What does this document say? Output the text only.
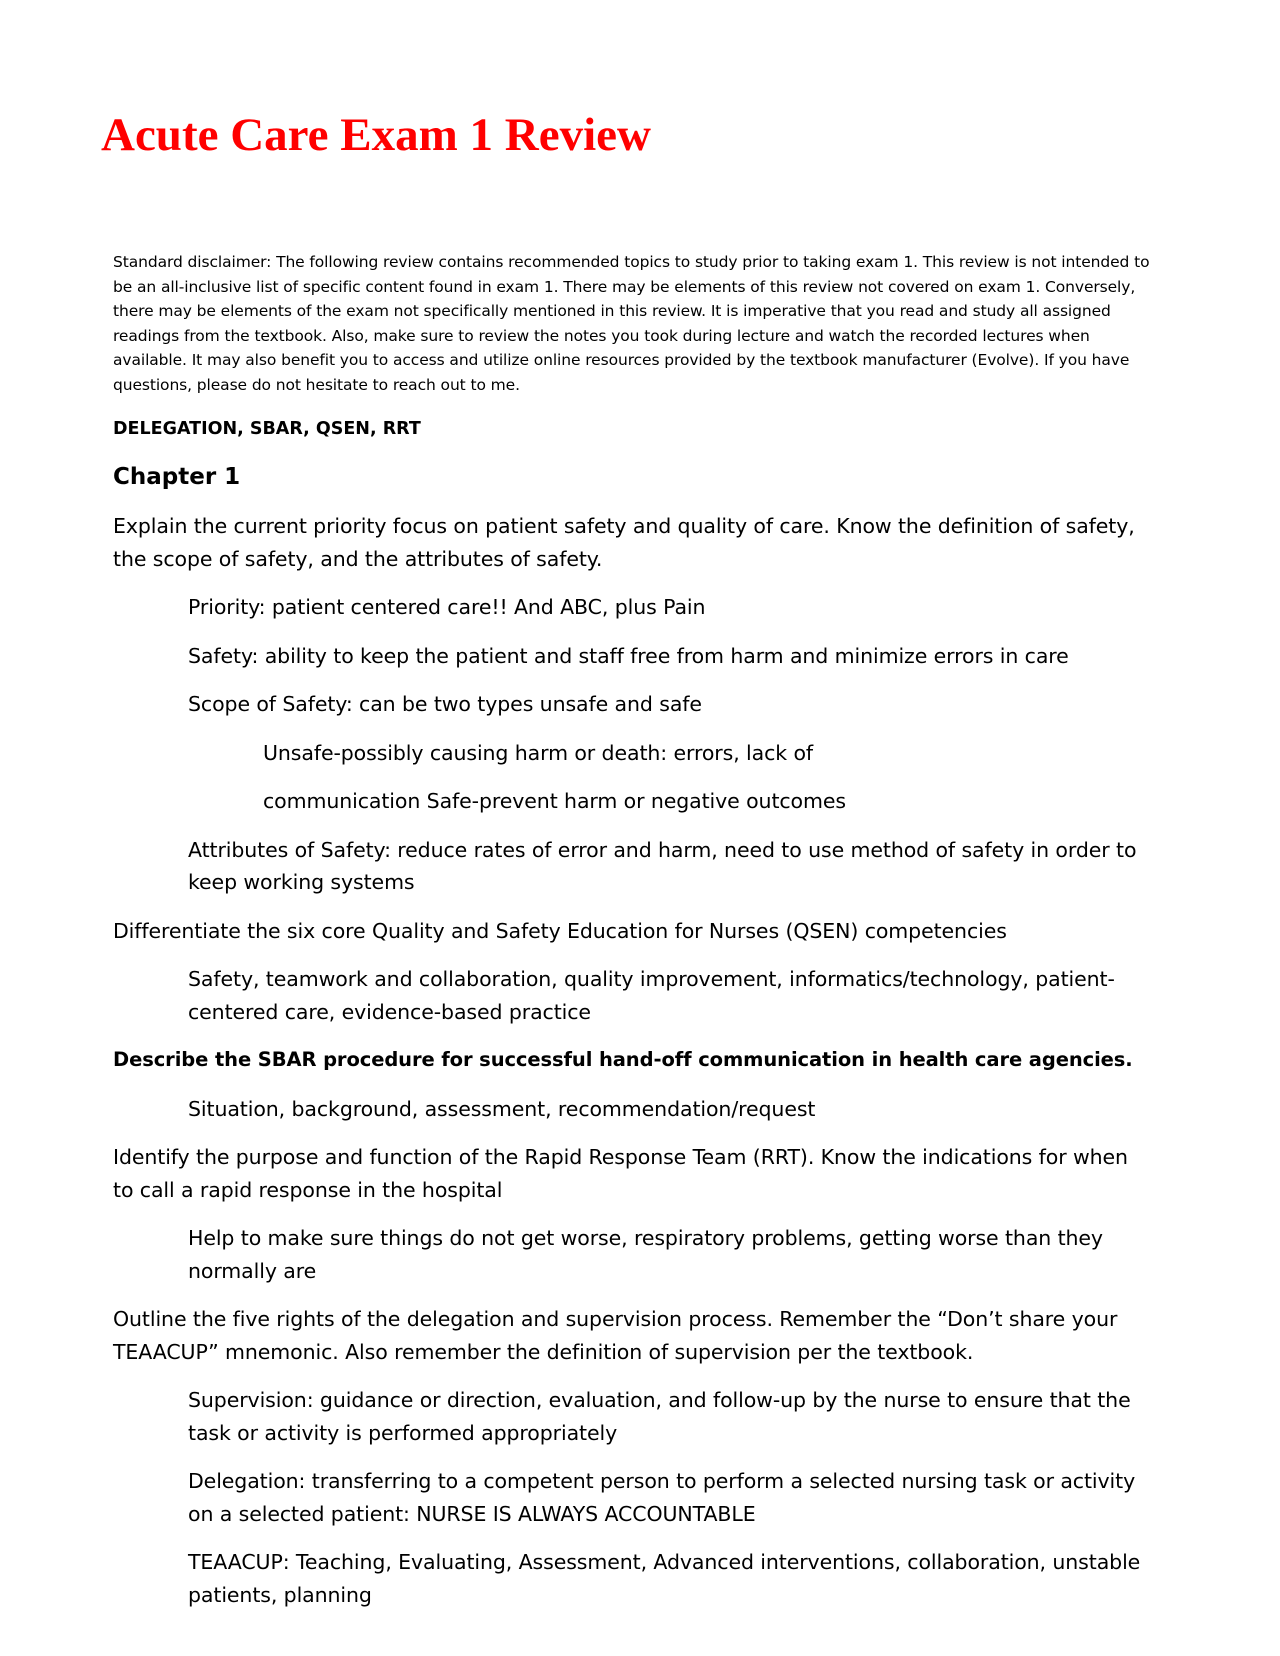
Acute Care Exam 1 Review

Standard disclaimer: The following review contains recommended topics to study prior to taking exam 1. This review is not intended to be an all-inclusive list of specific content found in exam 1. There may be elements of this review not covered on exam 1. Conversely, there may be elements of the exam not specifically mentioned in this review. It is imperative that you read and study all assigned readings from the textbook. Also, make sure to review the notes you took during lecture and watch the recorded lectures when available. It may also benefit you to access and utilize online resources provided by the textbook manufacturer (Evolve). If you have questions, please do not hesitate to reach out to me.

DELEGATION, SBAR, QSEN, RRT

Chapter 1

Explain the current priority focus on patient safety and quality of care. Know the definition of safety, the scope of safety, and the attributes of safety.

Priority: patient centered care!! And ABC, plus Pain

Safety: ability to keep the patient and staff free from harm and minimize errors in care

Scope of Safety: can be two types unsafe and safe

Unsafe-possibly causing harm or death: errors, lack of

communication Safe-prevent harm or negative outcomes

Attributes of Safety: reduce rates of error and harm, need to use method of safety in order to keep working systems

Differentiate the six core Quality and Safety Education for Nurses (QSEN) competencies

Safety, teamwork and collaboration, quality improvement, informatics/technology, patient-centered care, evidence-based practice

Describe the SBAR procedure for successful hand-off communication in health care agencies.

Situation, background, assessment, recommendation/request

Identify the purpose and function of the Rapid Response Team (RRT). Know the indications for when to call a rapid response in the hospital

Help to make sure things do not get worse, respiratory problems, getting worse than they normally are

Outline the five rights of the delegation and supervision process. Remember the “Don’t share your TEAACUP” mnemonic. Also remember the definition of supervision per the textbook.

Supervision: guidance or direction, evaluation, and follow-up by the nurse to ensure that the task or activity is performed appropriately

Delegation: transferring to a competent person to perform a selected nursing task or activity on a selected patient: NURSE IS ALWAYS ACCOUNTABLE

TEAACUP: Teaching, Evaluating, Assessment, Advanced interventions, collaboration, unstable patients, planning
